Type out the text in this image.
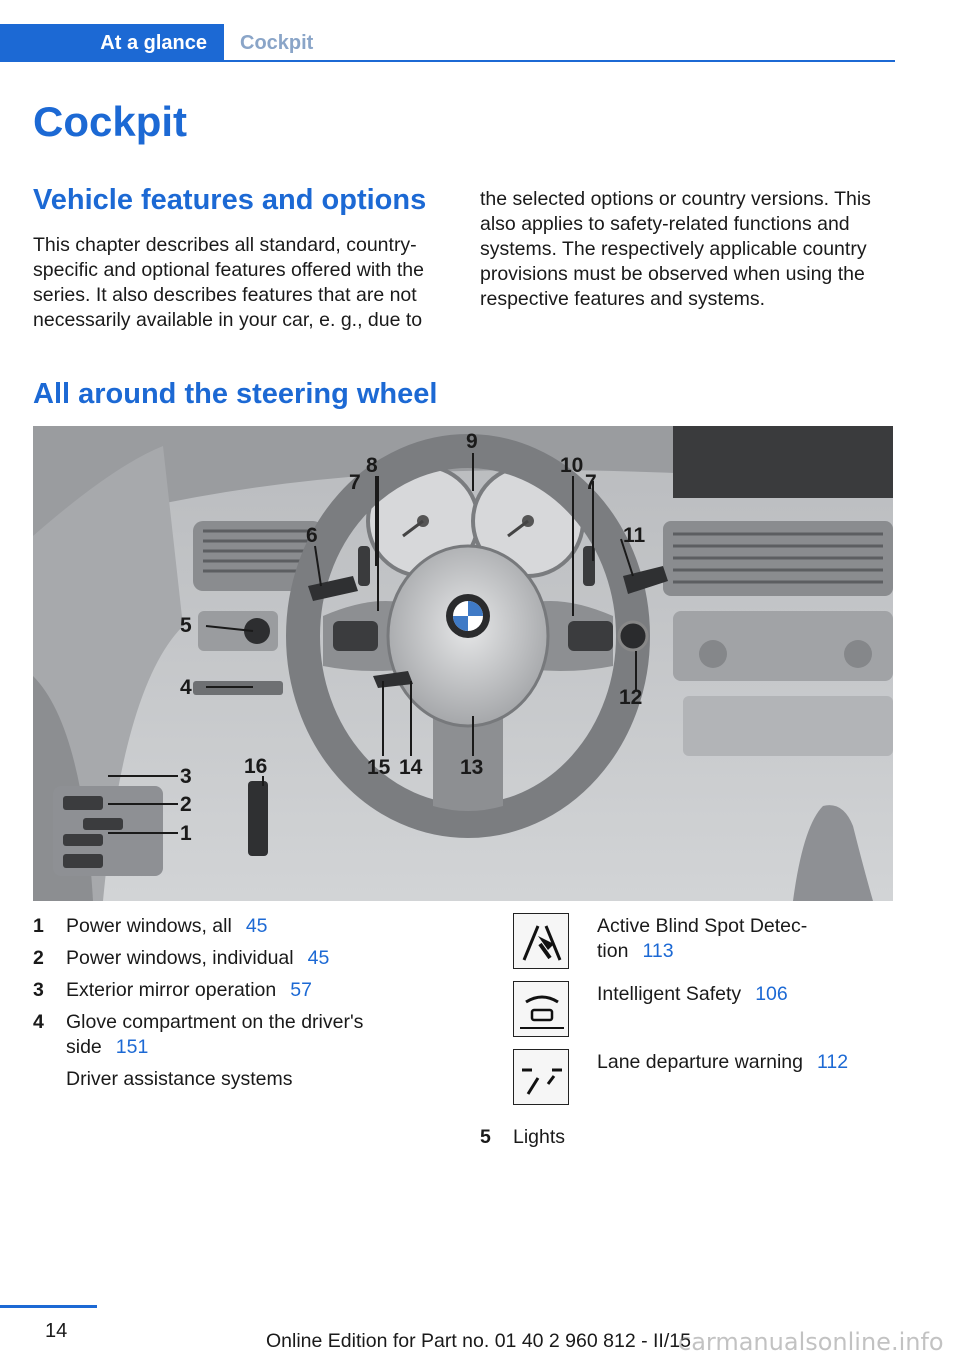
At a glance	Cockpit
Cockpit
Vehicle features and options
This chapter describes all standard, country-
specific and optional features offered with the
series. It also describes features that are not
necessarily available in your car, e. g., due to
the selected options or country versions. This
also applies to safety-related functions and
systems. The respectively applicable country
provisions must be observed when using the
respective features and systems.
All around the steering wheel
9
8
7
10
7
6	11
5
4	12
16
3
2
1
15 14 13
1	Power windows, all 45
2	Power windows, individual 45
3	Exterior mirror operation 57
4	Glove compartment on the driver's
side 151
Driver assistance systems
Active Blind Spot Detec-
tion 113
Intelligent Safety 106
Lane departure warning 112
5	Lights
14	Online Edition for Part no. 01 40 2 960 812 - II/15
carmanualsonline.info
